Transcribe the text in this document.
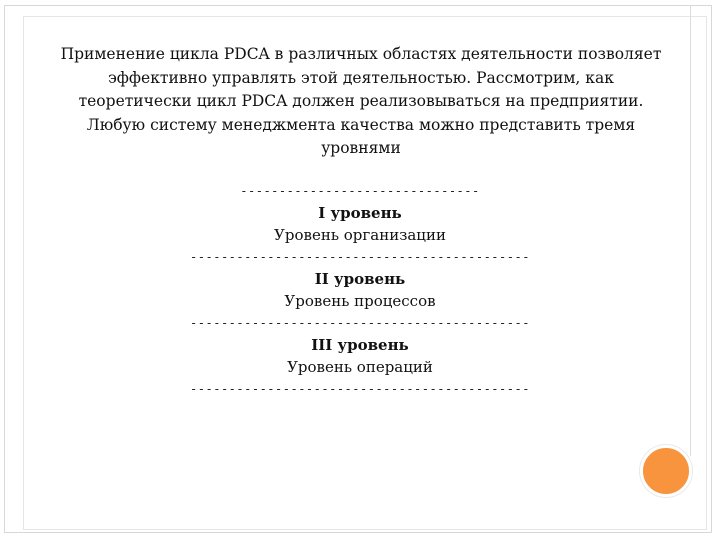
Применение цикла PDCA в различных областях деятельности позволяет
эффективно управлять этой деятельностью. Рассмотрим, как
теоретически цикл PDCA должен реализовываться на предприятии.
Любую систему менеджмента качества можно представить тремя
уровнями
-------------------------------
I уровень
Уровень организации
--------------------------------------------
II уровень
Уровень процессов
--------------------------------------------
III уровень
Уровень операций
--------------------------------------------
